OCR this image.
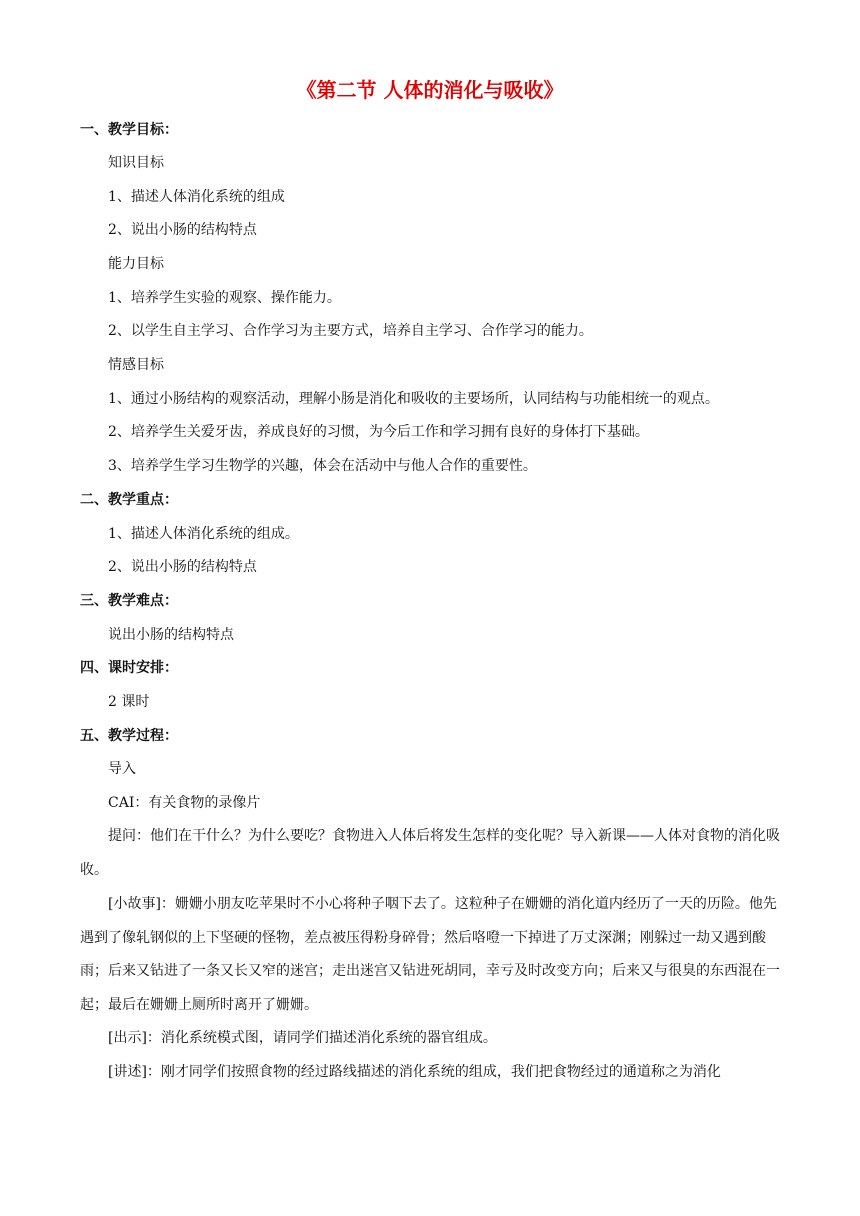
《第二节 人体的消化与吸收》
一、教学目标：
知识目标
1、描述人体消化系统的组成
2、说出小肠的结构特点
能力目标
1、培养学生实验的观察、操作能力。
2、以学生自主学习、合作学习为主要方式，培养自主学习、合作学习的能力。
情感目标
1、通过小肠结构的观察活动，理解小肠是消化和吸收的主要场所，认同结构与功能相统一的观点。
2、培养学生关爱牙齿，养成良好的习惯，为今后工作和学习拥有良好的身体打下基础。
3、培养学生学习生物学的兴趣，体会在活动中与他人合作的重要性。
二、教学重点：
1、描述人体消化系统的组成。
2、说出小肠的结构特点
三、教学难点：
说出小肠的结构特点
四、课时安排：
2 课时
五、教学过程：
导入
CAI：有关食物的录像片
提问：他们在干什么？为什么要吃？食物进入人体后将发生怎样的变化呢？导入新课——人体对食物的消化吸收。
[小故事]：姗姗小朋友吃苹果时不小心将种子咽下去了。这粒种子在姗姗的消化道内经历了一天的历险。他先遇到了像轧钢似的上下坚硬的怪物，差点被压得粉身碎骨；然后咯噔一下掉进了万丈深渊；刚躲过一劫又遇到酸雨；后来又钻进了一条又长又窄的迷宫；走出迷宫又钻进死胡同，幸亏及时改变方向；后来又与很臭的东西混在一起；最后在姗姗上厕所时离开了姗姗。
[出示]：消化系统模式图，请同学们描述消化系统的器官组成。
[讲述]：刚才同学们按照食物的经过路线描述的消化系统的组成，我们把食物经过的通道称之为消化
